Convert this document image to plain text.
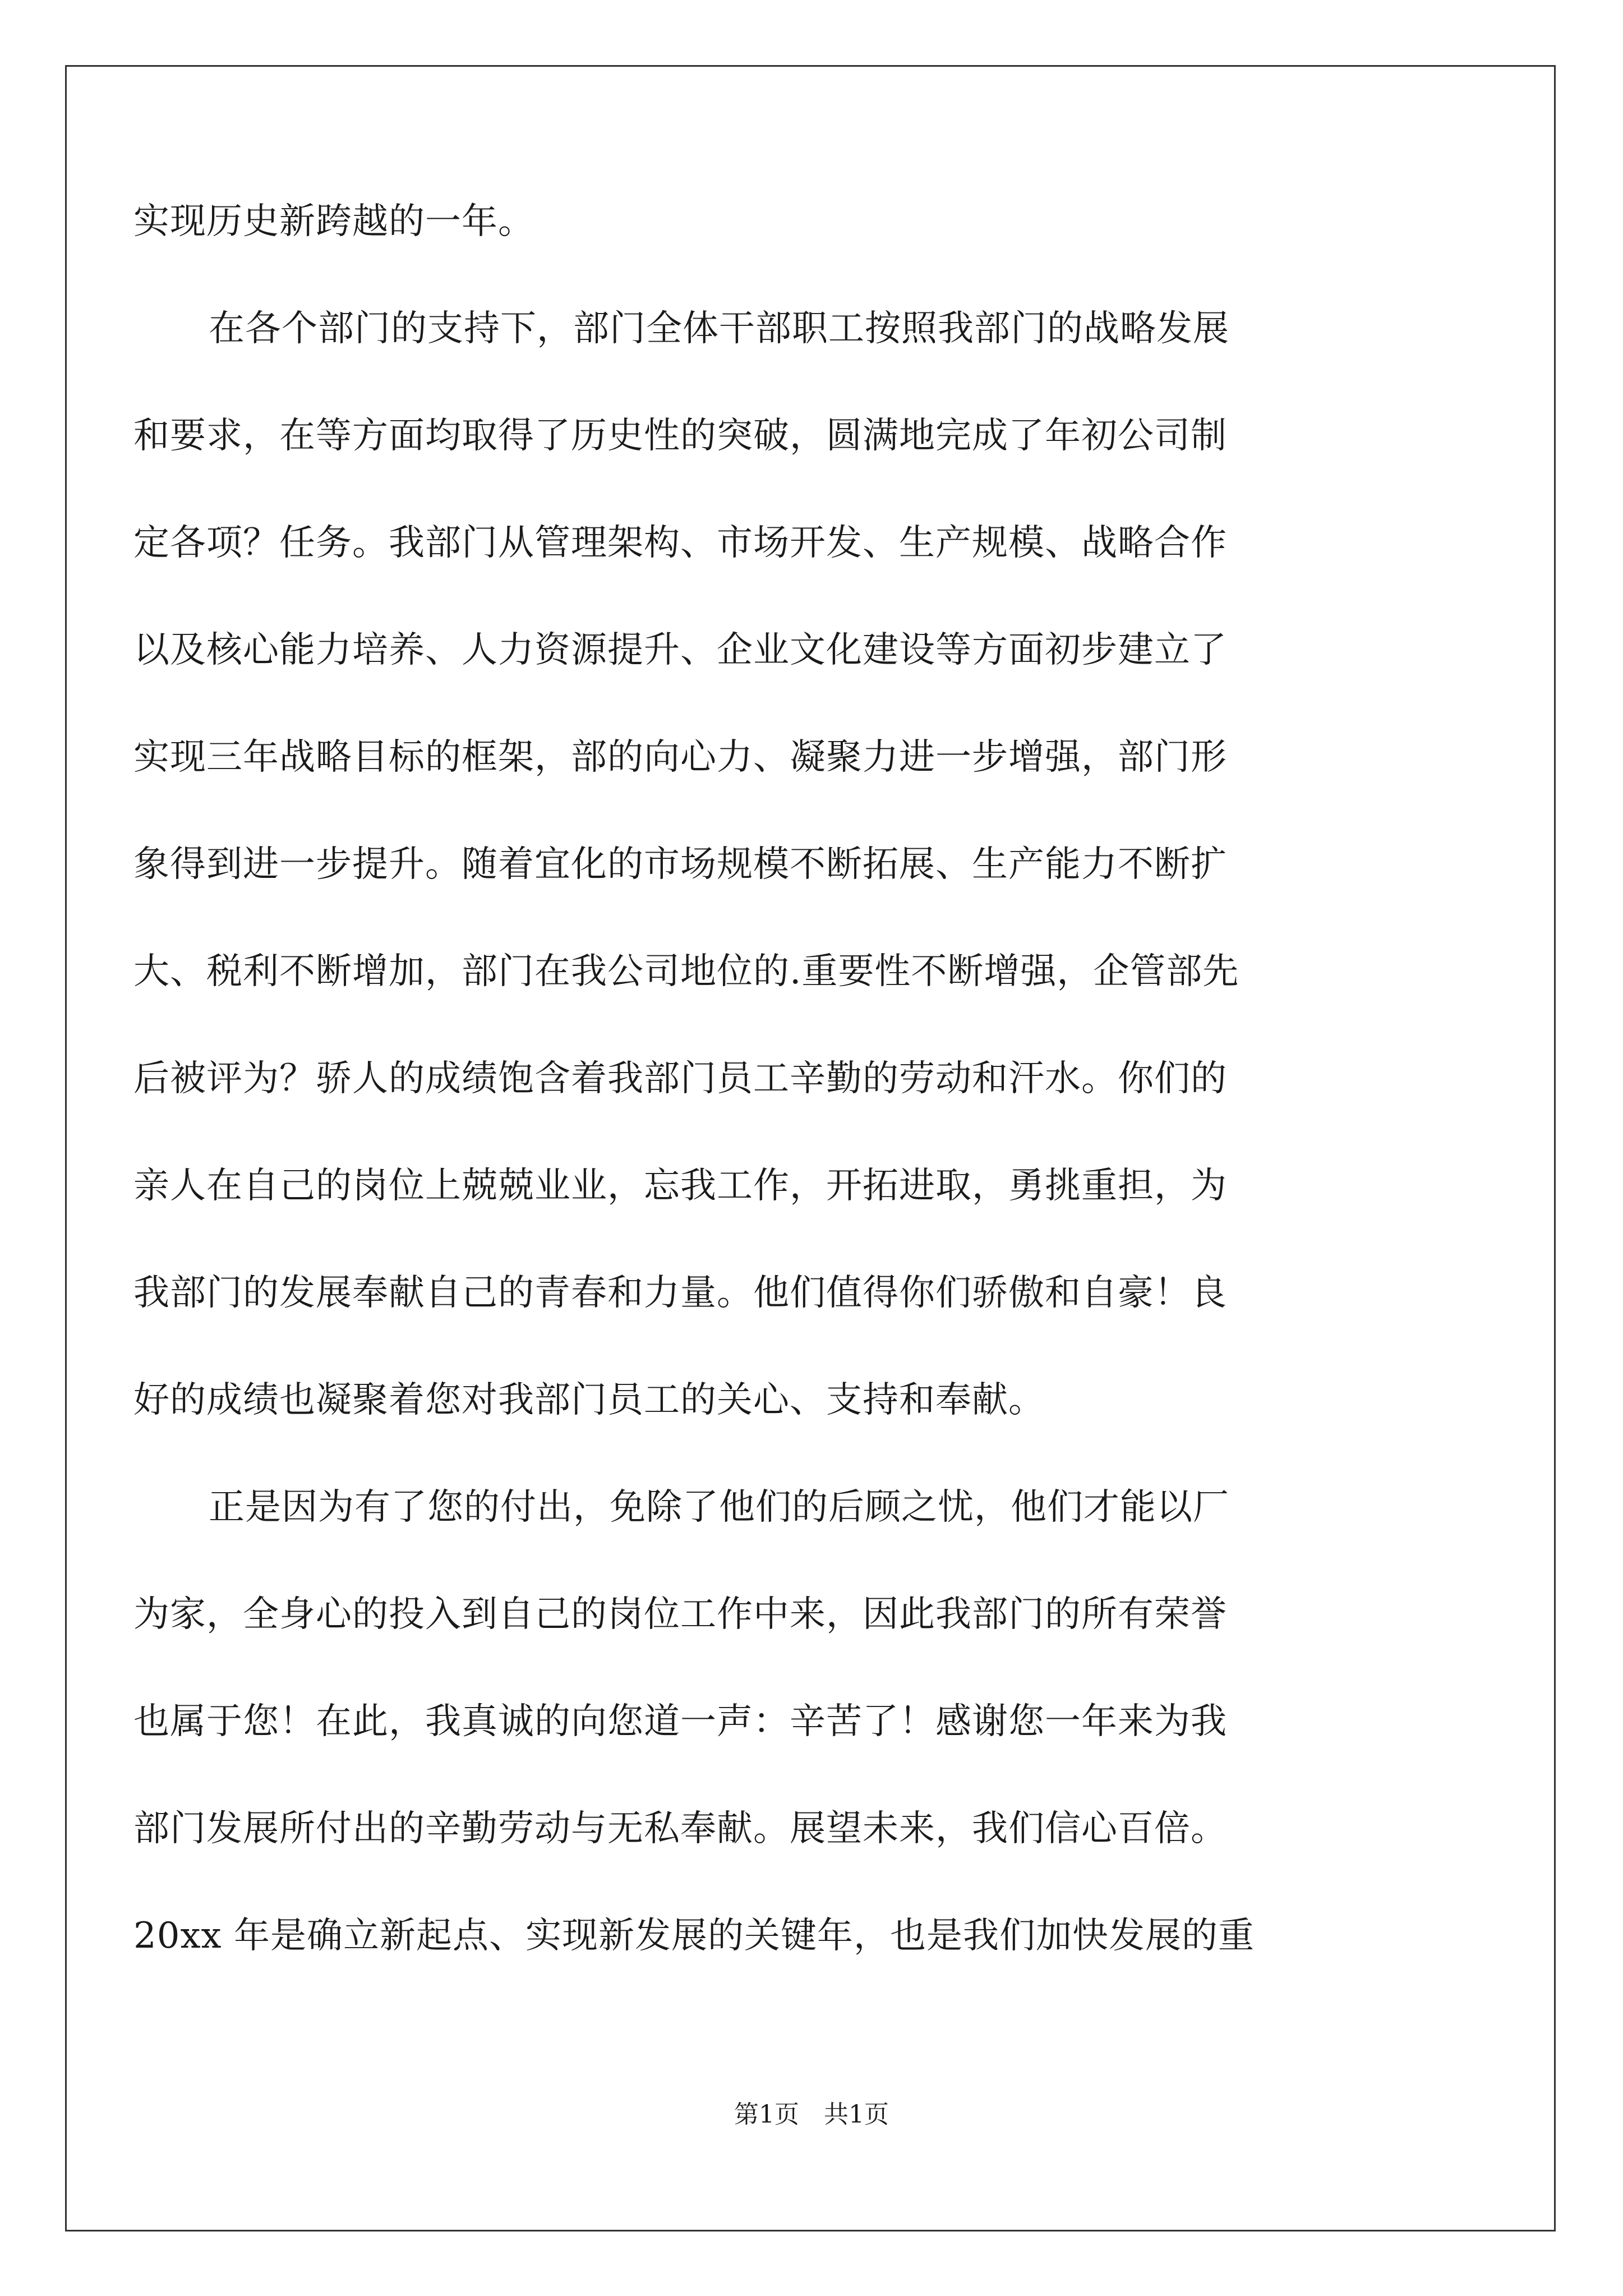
实现历史新跨越的一年。
在各个部门的支持下，部门全体干部职工按照我部门的战略发展
和要求，在等方面均取得了历史性的突破，圆满地完成了年初公司制
定各项？任务。我部门从管理架构、市场开发、生产规模、战略合作
以及核心能力培养、人力资源提升、企业文化建设等方面初步建立了
实现三年战略目标的框架，部的向心力、凝聚力进一步增强，部门形
象得到进一步提升。随着宜化的市场规模不断拓展、生产能力不断扩
大、税利不断增加，部门在我公司地位的.重要性不断增强，企管部先
后被评为？骄人的成绩饱含着我部门员工辛勤的劳动和汗水。你们的
亲人在自己的岗位上兢兢业业，忘我工作，开拓进取，勇挑重担，为
我部门的发展奉献自己的青春和力量。他们值得你们骄傲和自豪！良
好的成绩也凝聚着您对我部门员工的关心、支持和奉献。
正是因为有了您的付出，免除了他们的后顾之忧，他们才能以厂
为家，全身心的投入到自己的岗位工作中来，因此我部门的所有荣誉
也属于您！在此，我真诚的向您道一声：辛苦了！感谢您一年来为我
部门发展所付出的辛勤劳动与无私奉献。展望未来，我们信心百倍。
20xx 年是确立新起点、实现新发展的关键年，也是我们加快发展的重
第1页　共1页
